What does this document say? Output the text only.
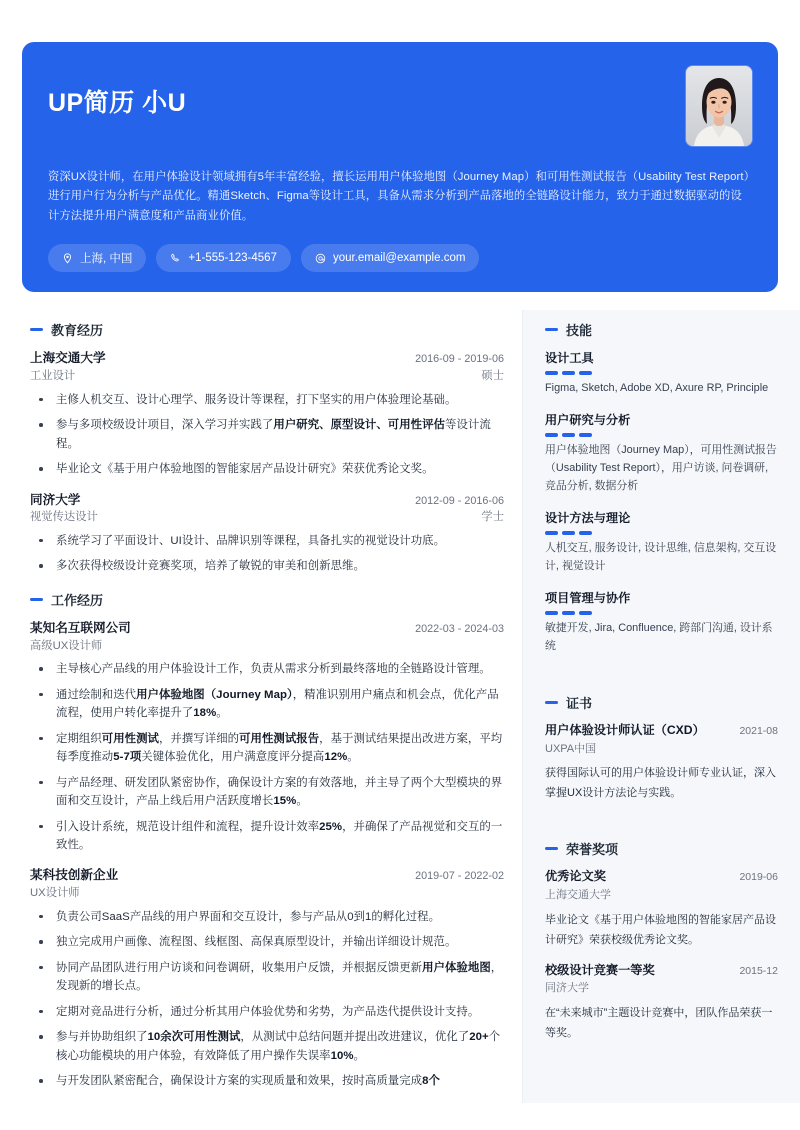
UP简历 小U
资深UX设计师，在用户体验设计领域拥有5年丰富经验，擅长运用用户体验地图（Journey Map）和可用性测试报告（Usability Test Report）进行用户行为分析与产品优化。精通Sketch、Figma等设计工具，具备从需求分析到产品落地的全链路设计能力，致力于通过数据驱动的设计方法提升用户满意度和产品商业价值。
上海, 中国	+1-555-123-4567	your.email@example.com
教育经历
上海交通大学	2016-09 - 2019-06
工业设计	硕士
主修人机交互、设计心理学、服务设计等课程，打下坚实的用户体验理论基础。
参与多项校级设计项目，深入学习并实践了用户研究、原型设计、可用性评估等设计流程。
毕业论文《基于用户体验地图的智能家居产品设计研究》荣获优秀论文奖。
同济大学	2012-09 - 2016-06
视觉传达设计	学士
系统学习了平面设计、UI设计、品牌识别等课程，具备扎实的视觉设计功底。
多次获得校级设计竞赛奖项，培养了敏锐的审美和创新思维。
工作经历
某知名互联网公司	2022-03 - 2024-03
高级UX设计师
主导核心产品线的用户体验设计工作，负责从需求分析到最终落地的全链路设计管理。
通过绘制和迭代用户体验地图（Journey Map），精准识别用户痛点和机会点，优化产品流程，使用户转化率提升了18%。
定期组织可用性测试，并撰写详细的可用性测试报告，基于测试结果提出改进方案，平均每季度推动5-7项关键体验优化，用户满意度评分提高12%。
与产品经理、研发团队紧密协作，确保设计方案的有效落地，并主导了两个大型模块的界面和交互设计，产品上线后用户活跃度增长15%。
引入设计系统，规范设计组件和流程，提升设计效率25%，并确保了产品视觉和交互的一致性。
某科技创新企业	2019-07 - 2022-02
UX设计师
负责公司SaaS产品线的用户界面和交互设计，参与产品从0到1的孵化过程。
独立完成用户画像、流程图、线框图、高保真原型设计，并输出详细设计规范。
协同产品团队进行用户访谈和问卷调研，收集用户反馈，并根据反馈更新用户体验地图，发现新的增长点。
定期对竞品进行分析，通过分析其用户体验优势和劣势，为产品迭代提供设计支持。
参与并协助组织了10余次可用性测试，从测试中总结问题并提出改进建议，优化了20+个核心功能模块的用户体验，有效降低了用户操作失误率10%。
与开发团队紧密配合，确保设计方案的实现质量和效果，按时高质量完成8个
技能
设计工具
Figma, Sketch, Adobe XD, Axure RP, Principle
用户研究与分析
用户体验地图（Journey Map），可用性测试报告（Usability Test Report），用户访谈, 问卷调研, 竞品分析, 数据分析
设计方法与理论
人机交互, 服务设计, 设计思维, 信息架构, 交互设计, 视觉设计
项目管理与协作
敏捷开发, Jira, Confluence, 跨部门沟通, 设计系统
证书
用户体验设计师认证（CXD）	2021-08
UXPA中国
获得国际认可的用户体验设计师专业认证，深入掌握UX设计方法论与实践。
荣誉奖项
优秀论文奖	2019-06
上海交通大学
毕业论文《基于用户体验地图的智能家居产品设计研究》荣获校级优秀论文奖。
校级设计竞赛一等奖	2015-12
同济大学
在“未来城市”主题设计竞赛中，团队作品荣获一等奖。
